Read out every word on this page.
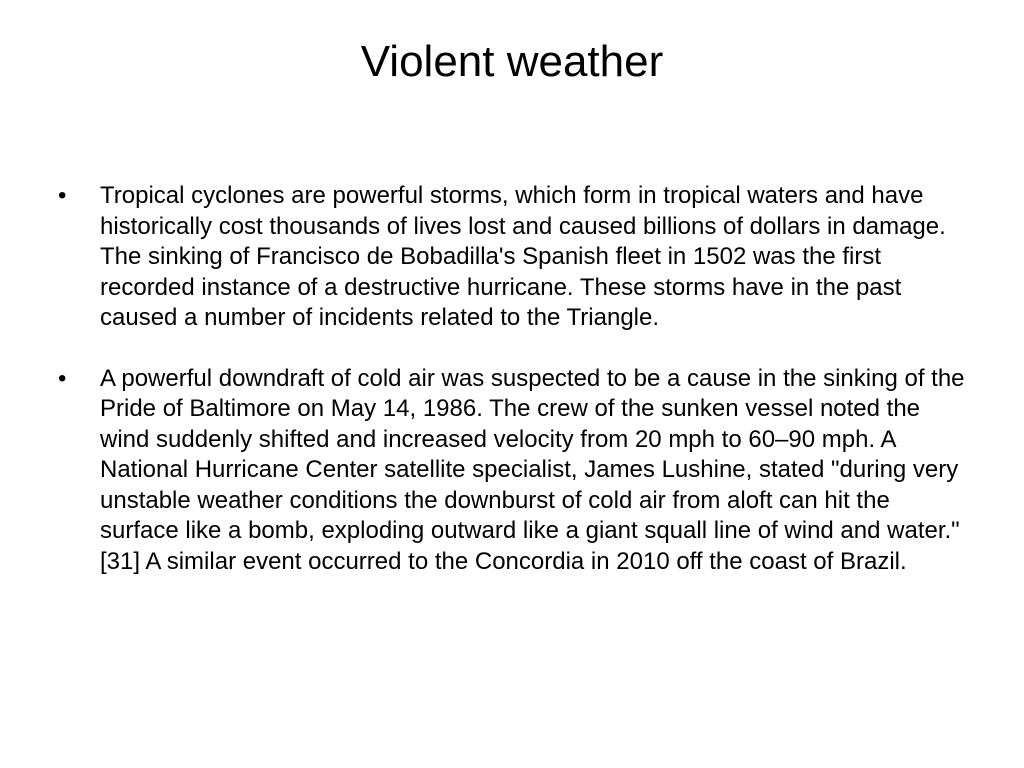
Violent weather
•	Tropical cyclones are powerful storms, which form in tropical waters and have historically cost thousands of lives lost and caused billions of dollars in damage. The sinking of Francisco de Bobadilla's Spanish fleet in 1502 was the first recorded instance of a destructive hurricane. These storms have in the past caused a number of incidents related to the Triangle.
•	A powerful downdraft of cold air was suspected to be a cause in the sinking of the Pride of Baltimore on May 14, 1986. The crew of the sunken vessel noted the wind suddenly shifted and increased velocity from 20 mph to 60–90 mph. A National Hurricane Center satellite specialist, James Lushine, stated "during very unstable weather conditions the downburst of cold air from aloft can hit the surface like a bomb, exploding outward like a giant squall line of wind and water."[31] A similar event occurred to the Concordia in 2010 off the coast of Brazil.
